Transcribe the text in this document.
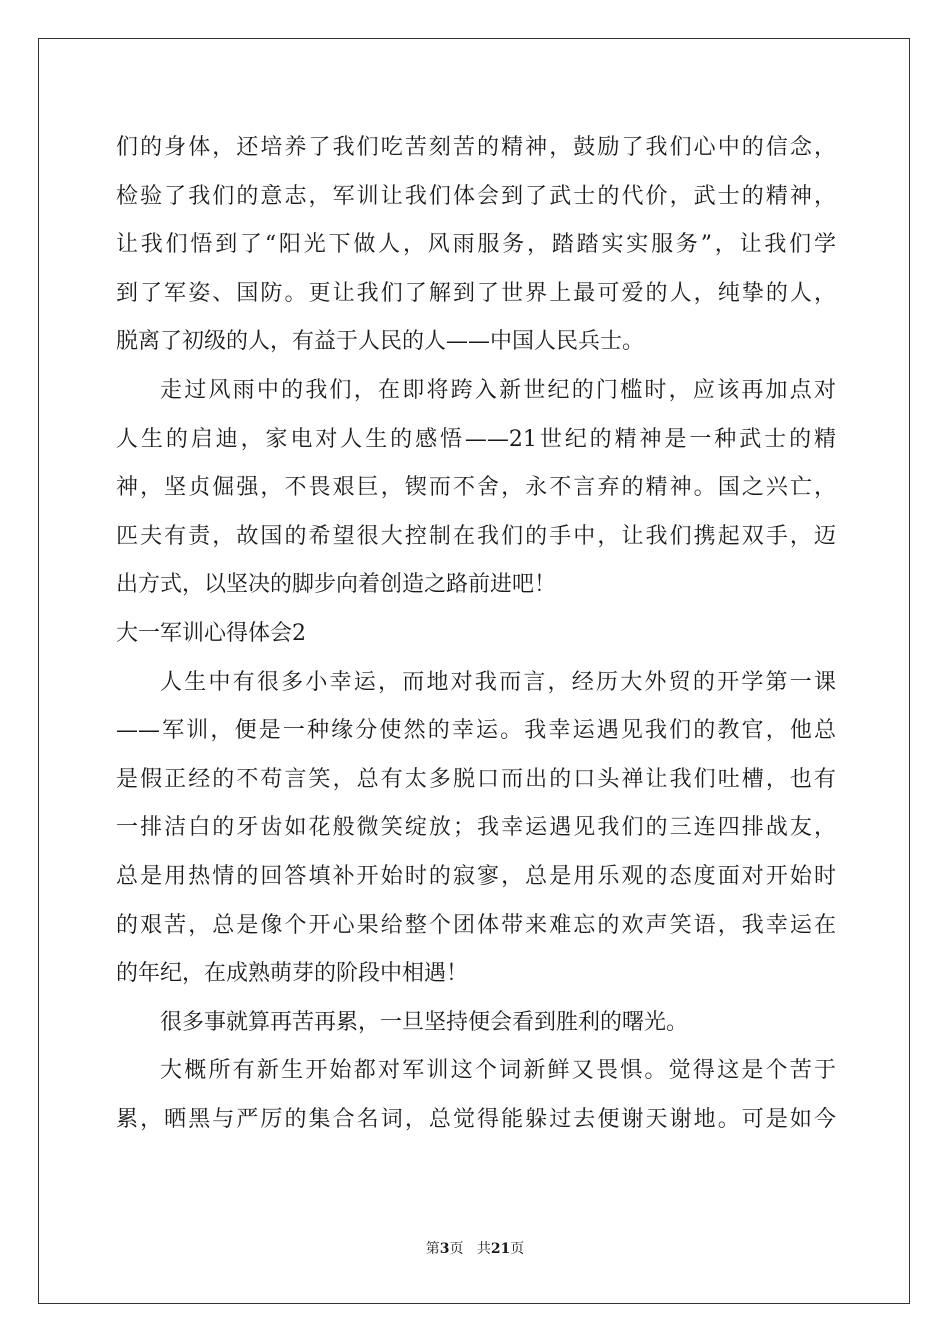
们的身体，还培养了我们吃苦刻苦的精神，鼓励了我们心中的信念，
检验了我们的意志，军训让我们体会到了武士的代价，武士的精神，
让我们悟到了“阳光下做人，风雨服务，踏踏实实服务”，让我们学
到了军姿、国防。更让我们了解到了世界上最可爱的人，纯挚的人，
脱离了初级的人，有益于人民的人——中国人民兵士。
走过风雨中的我们，在即将跨入新世纪的门槛时，应该再加点对
人生的启迪，家电对人生的感悟——21世纪的精神是一种武士的精
神，坚贞倔强，不畏艰巨，锲而不舍，永不言弃的精神。国之兴亡，
匹夫有责，故国的希望很大控制在我们的手中，让我们携起双手，迈
出方式，以坚决的脚步向着创造之路前进吧！
大一军训心得体会2
人生中有很多小幸运，而地对我而言，经历大外贸的开学第一课
——军训，便是一种缘分使然的幸运。我幸运遇见我们的教官，他总
是假正经的不苟言笑，总有太多脱口而出的口头禅让我们吐槽，也有
一排洁白的牙齿如花般微笑绽放；我幸运遇见我们的三连四排战友，
总是用热情的回答填补开始时的寂寥，总是用乐观的态度面对开始时
的艰苦，总是像个开心果给整个团体带来难忘的欢声笑语，我幸运在
的年纪，在成熟萌芽的阶段中相遇！
很多事就算再苦再累，一旦坚持便会看到胜利的曙光。
大概所有新生开始都对军训这个词新鲜又畏惧。觉得这是个苦于
累，晒黑与严厉的集合名词，总觉得能躲过去便谢天谢地。可是如今
第3页 共21页
